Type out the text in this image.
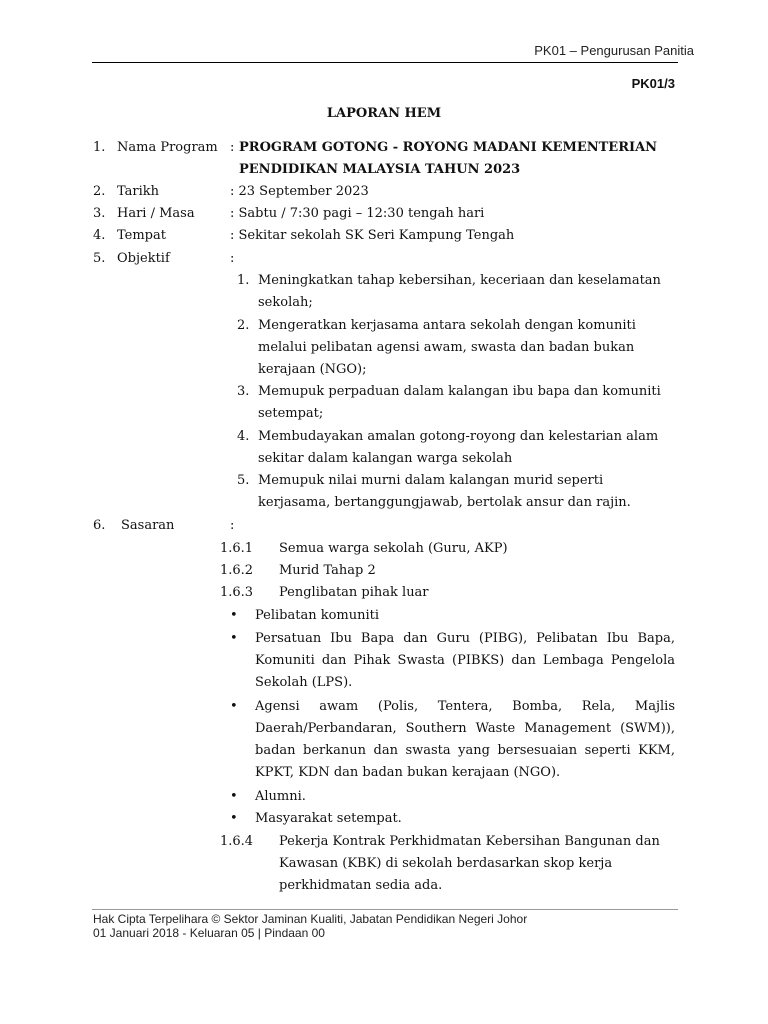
PK01 – Pengurusan Panitia
PK01/3
LAPORAN HEM
1. Nama Program : PROGRAM GOTONG - ROYONG MADANI KEMENTERIAN
PENDIDIKAN MALAYSIA TAHUN 2023
2. Tarikh	: 23 September 2023
3. Hari / Masa	: Sabtu / 7:30 pagi – 12:30 tengah hari
4. Tempat	: Sekitar sekolah SK Seri Kampung Tengah
5. Objektif	:
1. Meningkatkan tahap kebersihan, keceriaan dan keselamatan sekolah;
2. Mengeratkan kerjasama antara sekolah dengan komuniti melalui pelibatan agensi awam, swasta dan badan bukan kerajaan (NGO);
3. Memupuk perpaduan dalam kalangan ibu bapa dan komuniti setempat;
4. Membudayakan amalan gotong-royong dan kelestarian alam sekitar dalam kalangan warga sekolah
5. Memupuk nilai murni dalam kalangan murid seperti kerjasama, bertanggungjawab, bertolak ansur dan rajin.
6. Sasaran	:
1.6.1 Semua warga sekolah (Guru, AKP)
1.6.2 Murid Tahap 2
1.6.3 Penglibatan pihak luar
• Pelibatan komuniti
• Persatuan Ibu Bapa dan Guru (PIBG), Pelibatan Ibu Bapa, Komuniti dan Pihak Swasta (PIBKS) dan Lembaga Pengelola Sekolah (LPS).
• Agensi awam (Polis, Tentera, Bomba, Rela, Majlis Daerah/Perbandaran, Southern Waste Management (SWM)), badan berkanun dan swasta yang bersesuaian seperti KKM, KPKT, KDN dan badan bukan kerajaan (NGO).
• Alumni.
• Masyarakat setempat.
1.6.4 Pekerja Kontrak Perkhidmatan Kebersihan Bangunan dan
Kawasan (KBK) di sekolah berdasarkan skop kerja
perkhidmatan sedia ada.
Hak Cipta Terpelihara © Sektor Jaminan Kualiti, Jabatan Pendidikan Negeri Johor
01 Januari 2018 - Keluaran 05 | Pindaan 00
